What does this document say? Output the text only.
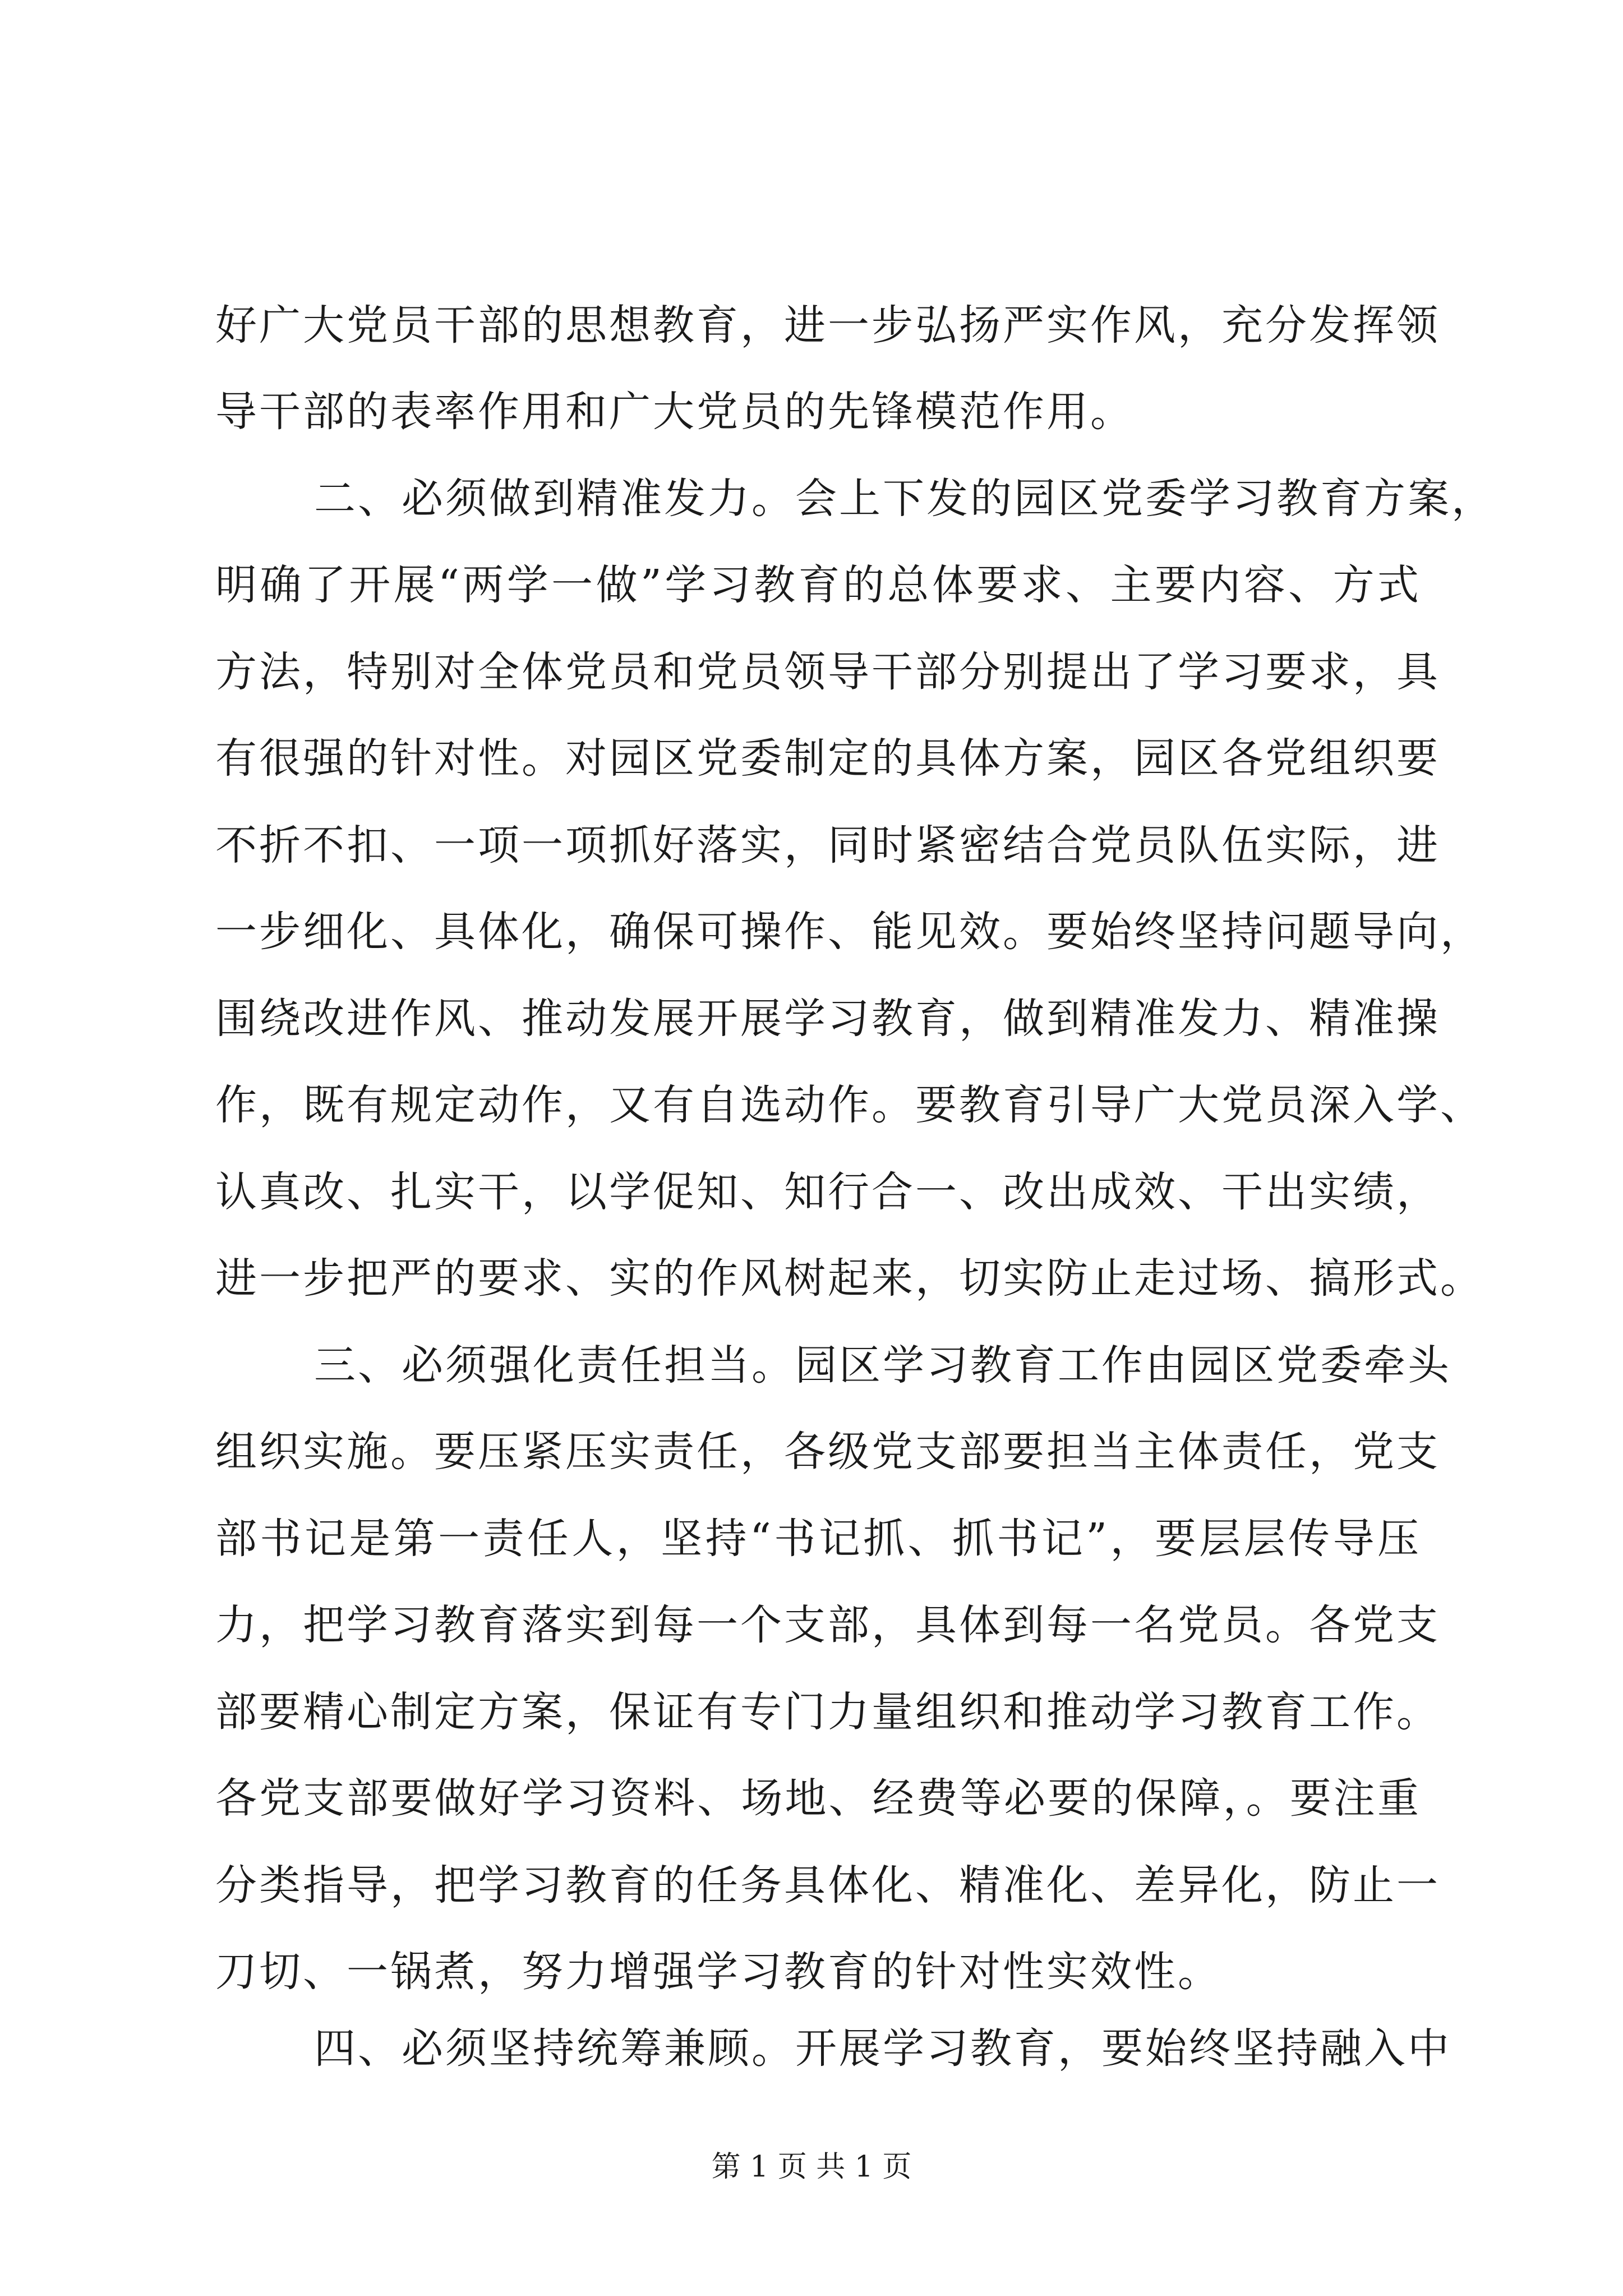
好广大党员干部的思想教育，进一步弘扬严实作风，充分发挥领
导干部的表率作用和广大党员的先锋模范作用。
二、必须做到精准发力。会上下发的园区党委学习教育方案，
明确了开展“两学一做”学习教育的总体要求、主要内容、方式
方法，特别对全体党员和党员领导干部分别提出了学习要求，具
有很强的针对性。对园区党委制定的具体方案，园区各党组织要
不折不扣、一项一项抓好落实，同时紧密结合党员队伍实际，进
一步细化、具体化，确保可操作、能见效。要始终坚持问题导向，
围绕改进作风、推动发展开展学习教育，做到精准发力、精准操
作，既有规定动作，又有自选动作。要教育引导广大党员深入学、
认真改、扎实干，以学促知、知行合一、改出成效、干出实绩，
进一步把严的要求、实的作风树起来，切实防止走过场、搞形式。
三、必须强化责任担当。园区学习教育工作由园区党委牵头
组织实施。要压紧压实责任，各级党支部要担当主体责任，党支
部书记是第一责任人，坚持“书记抓、抓书记”，要层层传导压
力，把学习教育落实到每一个支部，具体到每一名党员。各党支
部要精心制定方案，保证有专门力量组织和推动学习教育工作。
各党支部要做好学习资料、场地、经费等必要的保障，。要注重
分类指导，把学习教育的任务具体化、精准化、差异化，防止一
刀切、一锅煮，努力增强学习教育的针对性实效性。
四、必须坚持统筹兼顾。开展学习教育，要始终坚持融入中
第 1 页 共 1 页
